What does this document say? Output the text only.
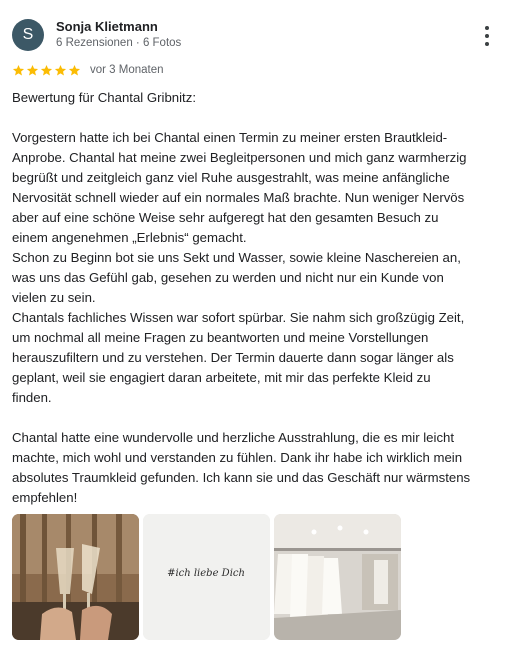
S	Sonja Klietmann
6 Rezensionen · 6 Fotos
vor 3 Monaten

Bewertung für Chantal Gribnitz:

Vorgestern hatte ich bei Chantal einen Termin zu meiner ersten Brautkleid-

Anprobe. Chantal hat meine zwei Begleitpersonen und mich ganz warmherzig

begrüßt und zeitgleich ganz viel Ruhe ausgestrahlt, was meine anfängliche

Nervosität schnell wieder auf ein normales Maß brachte. Nun weniger Nervös

aber auf eine schöne Weise sehr aufgeregt hat den gesamten Besuch zu

einem angenehmen „Erlebnis“ gemacht.

Schon zu Beginn bot sie uns Sekt und Wasser, sowie kleine Naschereien an,

was uns das Gefühl gab, gesehen zu werden und nicht nur ein Kunde von

vielen zu sein.

Chantals fachliches Wissen war sofort spürbar. Sie nahm sich großzügig Zeit,

um nochmal all meine Fragen zu beantworten und meine Vorstellungen

herauszufiltern und zu verstehen. Der Termin dauerte dann sogar länger als

geplant, weil sie engagiert daran arbeitete, mit mir das perfekte Kleid zu

finden.

Chantal hatte eine wundervolle und herzliche Ausstrahlung, die es mir leicht

machte, mich wohl und verstanden zu fühlen. Dank ihr habe ich wirklich mein

absolutes Traumkleid gefunden. Ich kann sie und das Geschäft nur wärmstens

empfehlen!

#ich liebe Dich
